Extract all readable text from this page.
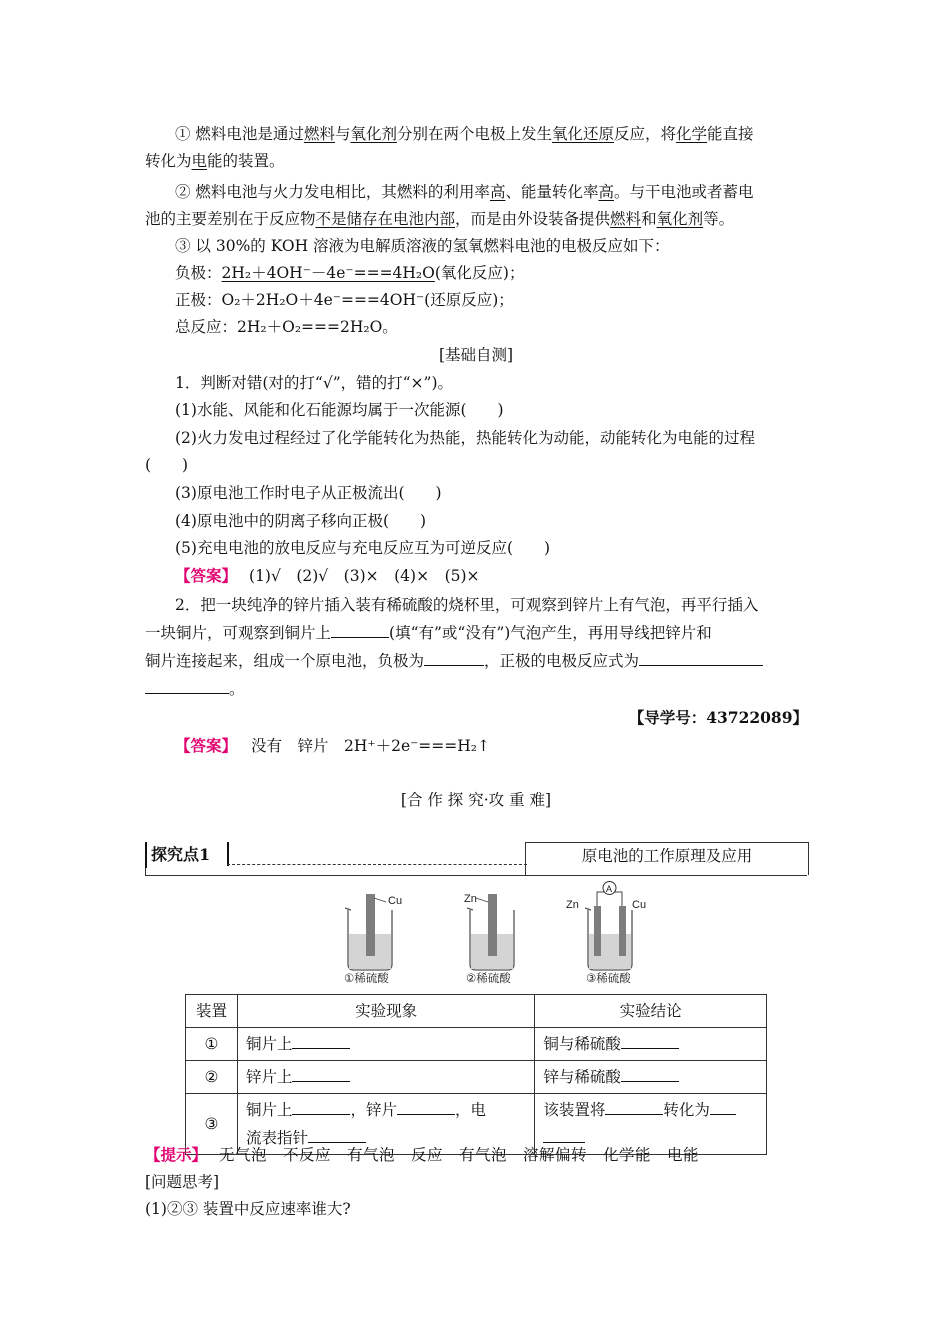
① 燃料电池是通过燃料与氧化剂分别在两个电极上发生氧化还原反应，将化学能直接
转化为电能的装置。
② 燃料电池与火力发电相比，其燃料的利用率高、能量转化率高。与干电池或者蓄电
池的主要差别在于反应物不是储存在电池内部，而是由外设装备提供燃料和氧化剂等。
③ 以 30%的 KOH 溶液为电解质溶液的氢氧燃料电池的电极反应如下：
负极：2H₂＋4OH⁻－4e⁻===4H₂O(氧化反应)；
正极：O₂＋2H₂O＋4e⁻===4OH⁻(还原反应)；
总反应：2H₂＋O₂===2H₂O。
[基础自测]
1．判断对错(对的打“√”，错的打“×”)。
(1)水能、风能和化石能源均属于一次能源(　　)
(2)火力发电过程经过了化学能转化为热能，热能转化为动能，动能转化为电能的过程
(　　)
(3)原电池工作时电子从正极流出(　　)
(4)原电池中的阴离子移向正极(　　)
(5)充电电池的放电反应与充电反应互为可逆反应(　　)
【答案】 (1)√　(2)√　(3)×　(4)×　(5)×
2．把一块纯净的锌片插入装有稀硫酸的烧杯里，可观察到锌片上有气泡，再平行插入
一块铜片，可观察到铜片上	(填“有”或“没有”)气泡产生，再用导线把锌片和
铜片连接起来，组成一个原电池，负极为	，正极的电极反应式为
。
【导学号：43722089】
【答案】 没有　锌片　2H⁺＋2e⁻===H₂↑
[合 作 探 究·攻 重 难]
探究点1	原电池的工作原理及应用
Cu
①稀硫酸
Zn
②稀硫酸
A
Zn	Cu
③稀硫酸
装置	实验现象	实验结论
①	铜片上	铜与稀硫酸
②	锌片上	锌与稀硫酸
③	铜片上 ，锌片 ，电
流表指针	该装置将 转化为

【提示】 无气泡　不反应　有气泡　反应　有气泡　溶解偏转　化学能　电能
[问题思考]
(1)②③ 装置中反应速率谁大?
